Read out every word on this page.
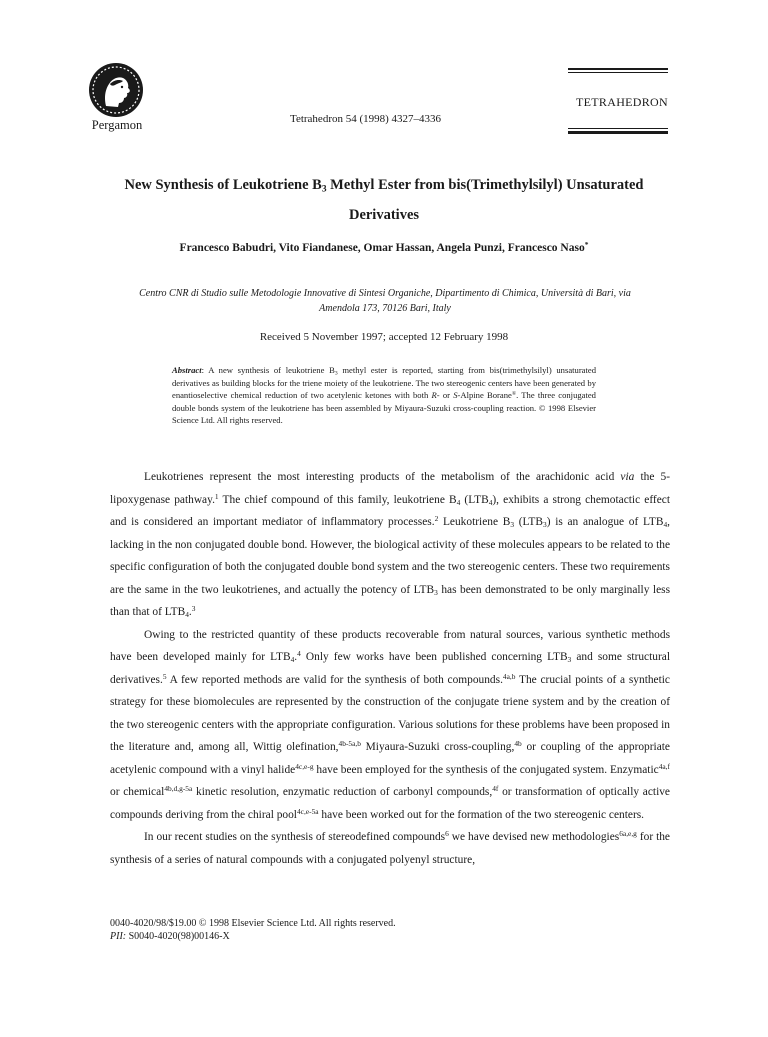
Pergamon	Tetrahedron 54 (1998) 4327–4336
TETRAHEDRON
New Synthesis of Leukotriene $B_3$ Methyl Ester from bis(Trimethylsilyl) Unsaturated
Derivatives
Francesco Babudri, Vito Fiandanese, Omar Hassan, Angela Punzi, Francesco Naso*
Centro CNR di Studio sulle Metodologie Innovative di Sintesi Organiche, Dipartimento di Chimica, Università di Bari, via
Amendola 173, 70126 Bari, Italy
Received 5 November 1997; accepted 12 February 1998
Abstract: A new synthesis of leukotriene $B_3$ methyl ester is reported, starting from bis(trimethylsilyl) unsaturated derivatives as building blocks for the triene moiety of the leukotriene. The two stereogenic centers have been generated by enantioselective chemical reduction of two acetylenic ketones with both R- or S-Alpine Borane®. The three conjugated double bonds system of the leukotriene has been assembled by Miyaura-Suzuki cross-coupling reaction. © 1998 Elsevier Science Ltd. All rights reserved.

Leukotrienes represent the most interesting products of the metabolism of the arachidonic acid via the 5-lipoxygenase pathway.$^1$ The chief compound of this family, leukotriene $B_4$ $(LTB_4)$, exhibits a strong chemotactic effect and is considered an important mediator of inflammatory processes.$^2$ Leukotriene $B_3$ $(LTB_3)$ is an analogue of $LTB_4$, lacking in the non conjugated double bond. However, the biological activity of these molecules appears to be related to the specific configuration of both the conjugated double bond system and the two stereogenic centers. These two requirements are the same in the two leukotrienes, and actually the potency of $LTB_3$ has been demonstrated to be only marginally less than that of $LTB_4.^3$

Owing to the restricted quantity of these products recoverable from natural sources, various synthetic methods have been developed mainly for $LTB_4.^4$ Only few works have been published concerning $LTB_3$ and some structural derivatives.$^5$ A few reported methods are valid for the synthesis of both compounds.$^{4a,b}$ The crucial points of a synthetic strategy for these biomolecules are represented by the construction of the conjugate triene system and by the creation of the two stereogenic centers with the appropriate configuration. Various solutions for these problems have been proposed in the literature and, among all, Wittig olefination,$^{4b-5a,b}$ Miyaura-Suzuki cross-coupling,$^{4b}$ or coupling of the appropriate acetylenic compound with a vinyl halide$^{4c,e-g}$ have been employed for the synthesis of the conjugated system. Enzymatic$^{4a,f}$ or chemical$^{4b,d,g-5a}$ kinetic resolution, enzymatic reduction of carbonyl compounds,$^{4f}$ or transformation of optically active compounds deriving from the chiral pool$^{4c,e-5a}$ have been worked out for the formation of the two stereogenic centers.

In our recent studies on the synthesis of stereodefined compounds$^6$ we have devised new methodologies$^{6a,e,g}$ for the synthesis of a series of natural compounds with a conjugated polyenyl structure,

0040-4020/98/$19.00 © 1998 Elsevier Science Ltd. All rights reserved.
PII: S0040-4020(98)00146-X
